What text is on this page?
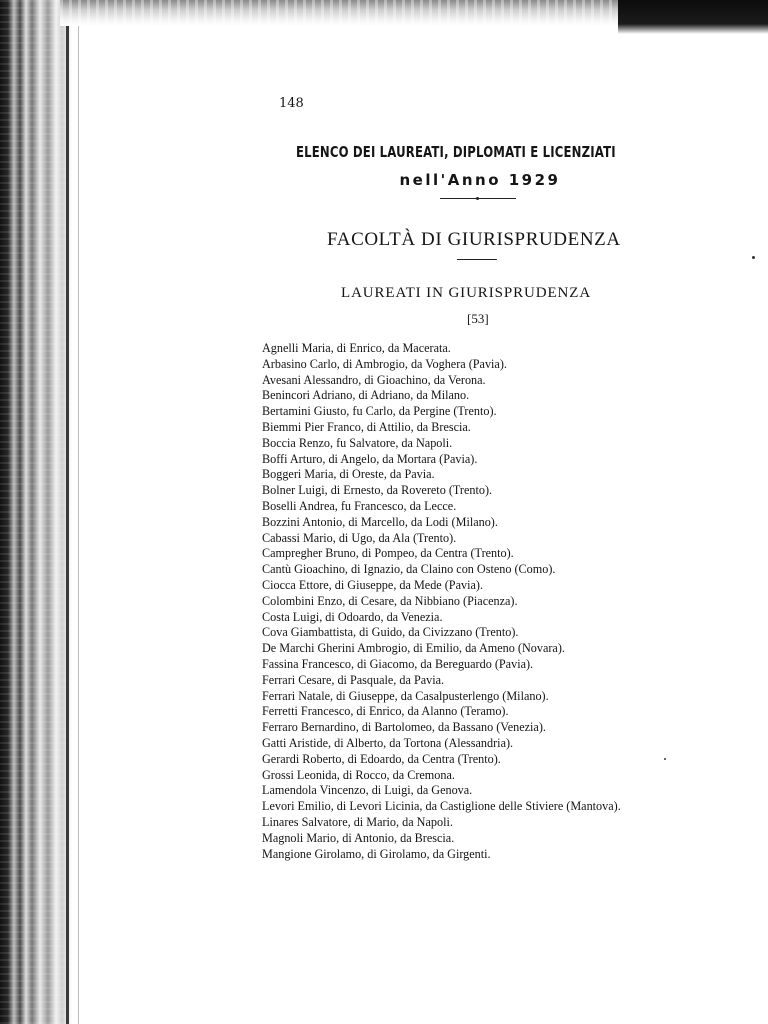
148
ELENCO DEI LAUREATI, DIPLOMATI E LICENZIATI
nell'Anno 1929
FACOLTÀ DI GIURISPRUDENZA
LAUREATI IN GIURISPRUDENZA
[53]
Agnelli Maria, di Enrico, da Macerata.
Arbasino Carlo, di Ambrogio, da Voghera (Pavia).
Avesani Alessandro, di Gioachino, da Verona.
Benincori Adriano, di Adriano, da Milano.
Bertamini Giusto, fu Carlo, da Pergine (Trento).
Biemmi Pier Franco, di Attilio, da Brescia.
Boccia Renzo, fu Salvatore, da Napoli.
Boffi Arturo, di Angelo, da Mortara (Pavia).
Boggeri Maria, di Oreste, da Pavia.
Bolner Luigi, di Ernesto, da Rovereto (Trento).
Boselli Andrea, fu Francesco, da Lecce.
Bozzini Antonio, di Marcello, da Lodi (Milano).
Cabassi Mario, di Ugo, da Ala (Trento).
Campregher Bruno, di Pompeo, da Centra (Trento).
Cantù Gioachino, di Ignazio, da Claino con Osteno (Como).
Ciocca Ettore, di Giuseppe, da Mede (Pavia).
Colombini Enzo, di Cesare, da Nibbiano (Piacenza).
Costa Luigi, di Odoardo, da Venezia.
Cova Giambattista, di Guido, da Civizzano (Trento).
De Marchi Gherini Ambrogio, di Emilio, da Ameno (Novara).
Fassina Francesco, di Giacomo, da Bereguardo (Pavia).
Ferrari Cesare, di Pasquale, da Pavia.
Ferrari Natale, di Giuseppe, da Casalpusterlengo (Milano).
Ferretti Francesco, di Enrico, da Alanno (Teramo).
Ferraro Bernardino, di Bartolomeo, da Bassano (Venezia).
Gatti Aristide, di Alberto, da Tortona (Alessandria).
Gerardi Roberto, di Edoardo, da Centra (Trento).
Grossi Leonida, di Rocco, da Cremona.
Lamendola Vincenzo, di Luigi, da Genova.
Levori Emilio, di Levori Licinia, da Castiglione delle Stiviere (Mantova).
Linares Salvatore, di Mario, da Napoli.
Magnoli Mario, di Antonio, da Brescia.
Mangione Girolamo, di Girolamo, da Girgenti.
